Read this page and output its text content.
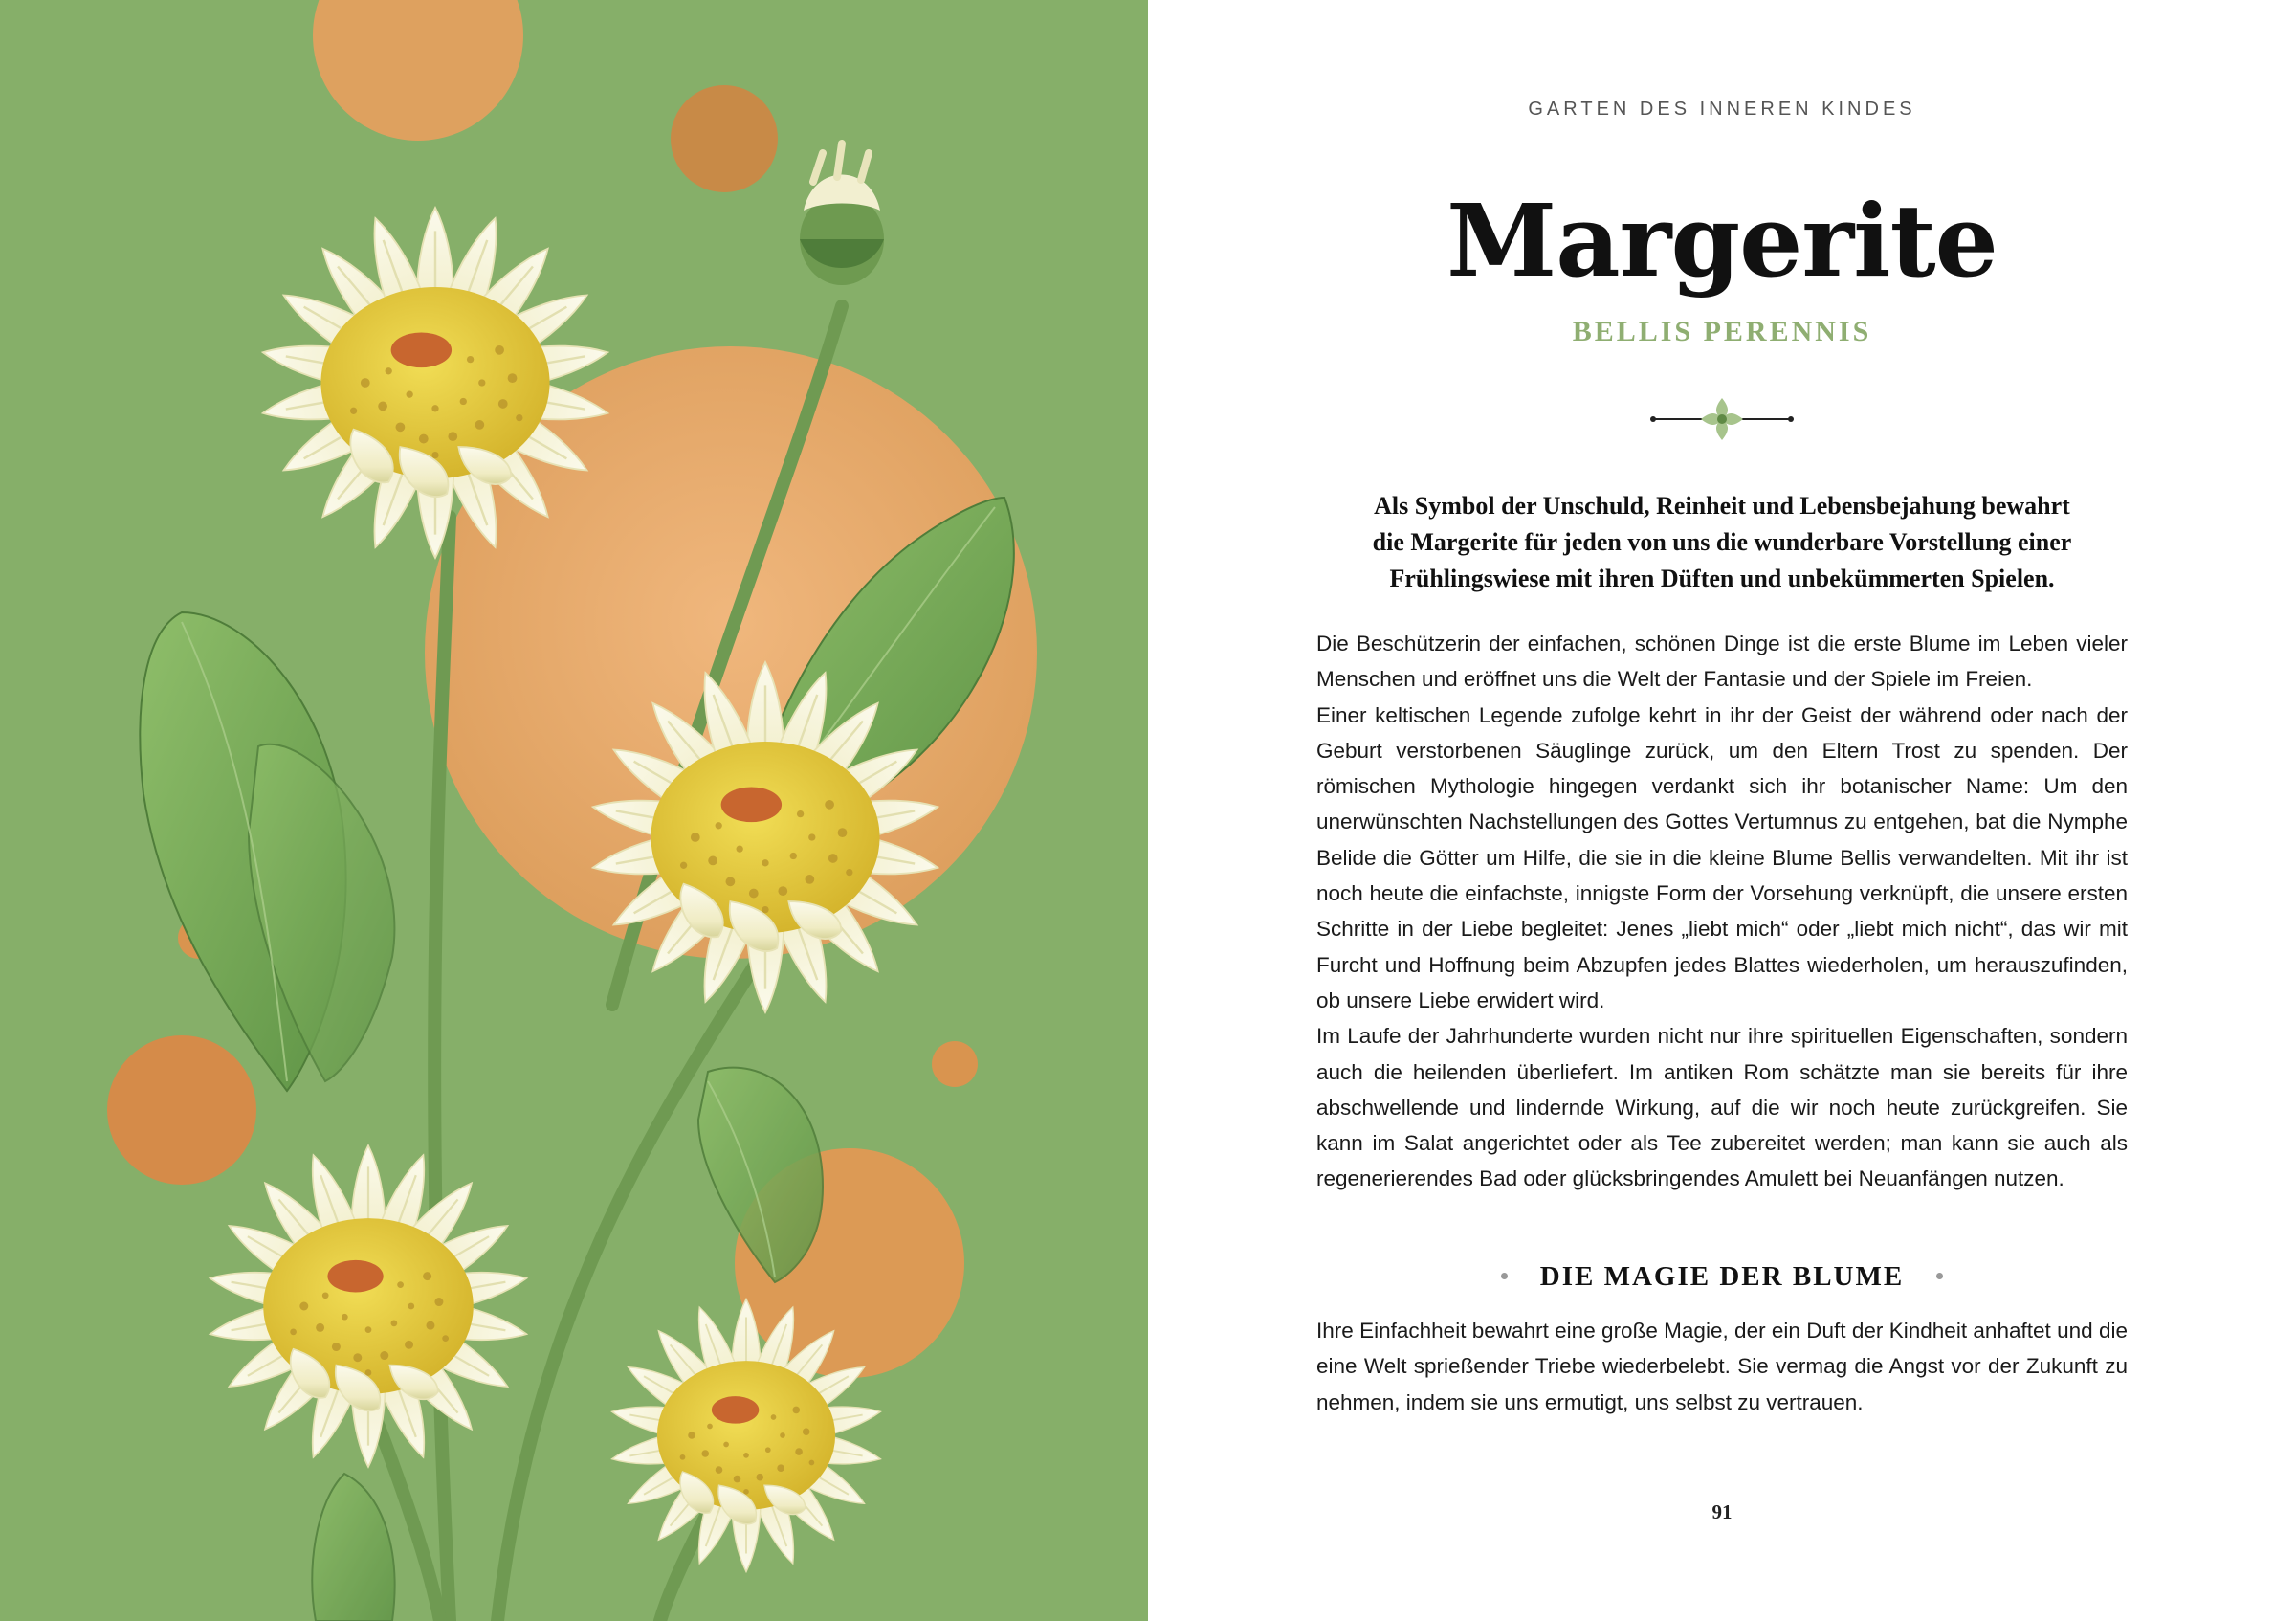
GARTEN DES INNEREN KINDES
Margerite
BELLIS PERENNIS
Als Symbol der Unschuld, Reinheit und Lebensbejahung bewahrt
die Margerite für jeden von uns die wunderbare Vorstellung einer
Frühlingswiese mit ihren Düften und unbekümmerten Spielen.

Die Beschützerin der einfachen, schönen Dinge ist die erste Blume im Leben vieler Menschen und eröffnet uns die Welt der Fantasie und der Spiele im Freien.

Einer keltischen Legende zufolge kehrt in ihr der Geist der während oder nach der Geburt verstorbenen Säuglinge zurück, um den Eltern Trost zu spenden. Der römischen Mythologie hingegen verdankt sich ihr botanischer Name: Um den unerwünschten Nachstellungen des Gottes Vertumnus zu entgehen, bat die Nymphe Belide die Götter um Hilfe, die sie in die kleine Blume Bellis verwandelten. Mit ihr ist noch heute die einfachste, innigste Form der Vorsehung verknüpft, die unsere ersten Schritte in der Liebe begleitet: Jenes „liebt mich“ oder „liebt mich nicht“, das wir mit Furcht und Hoffnung beim Abzupfen jedes Blattes wiederholen, um herauszufinden, ob unsere Liebe erwidert wird.

Im Laufe der Jahrhunderte wurden nicht nur ihre spirituellen Eigenschaften, sondern auch die heilenden überliefert. Im antiken Rom schätzte man sie bereits für ihre abschwellende und lindernde Wirkung, auf die wir noch heute zurückgreifen. Sie kann im Salat angerichtet oder als Tee zubereitet werden; man kann sie auch als regenerierendes Bad oder glücksbringendes Amulett bei Neuanfängen nutzen.

DIE MAGIE DER BLUME

Ihre Einfachheit bewahrt eine große Magie, der ein Duft der Kindheit anhaftet und die eine Welt sprießender Triebe wiederbelebt. Sie vermag die Angst vor der Zukunft zu nehmen, indem sie uns ermutigt, uns selbst zu vertrauen.

91
